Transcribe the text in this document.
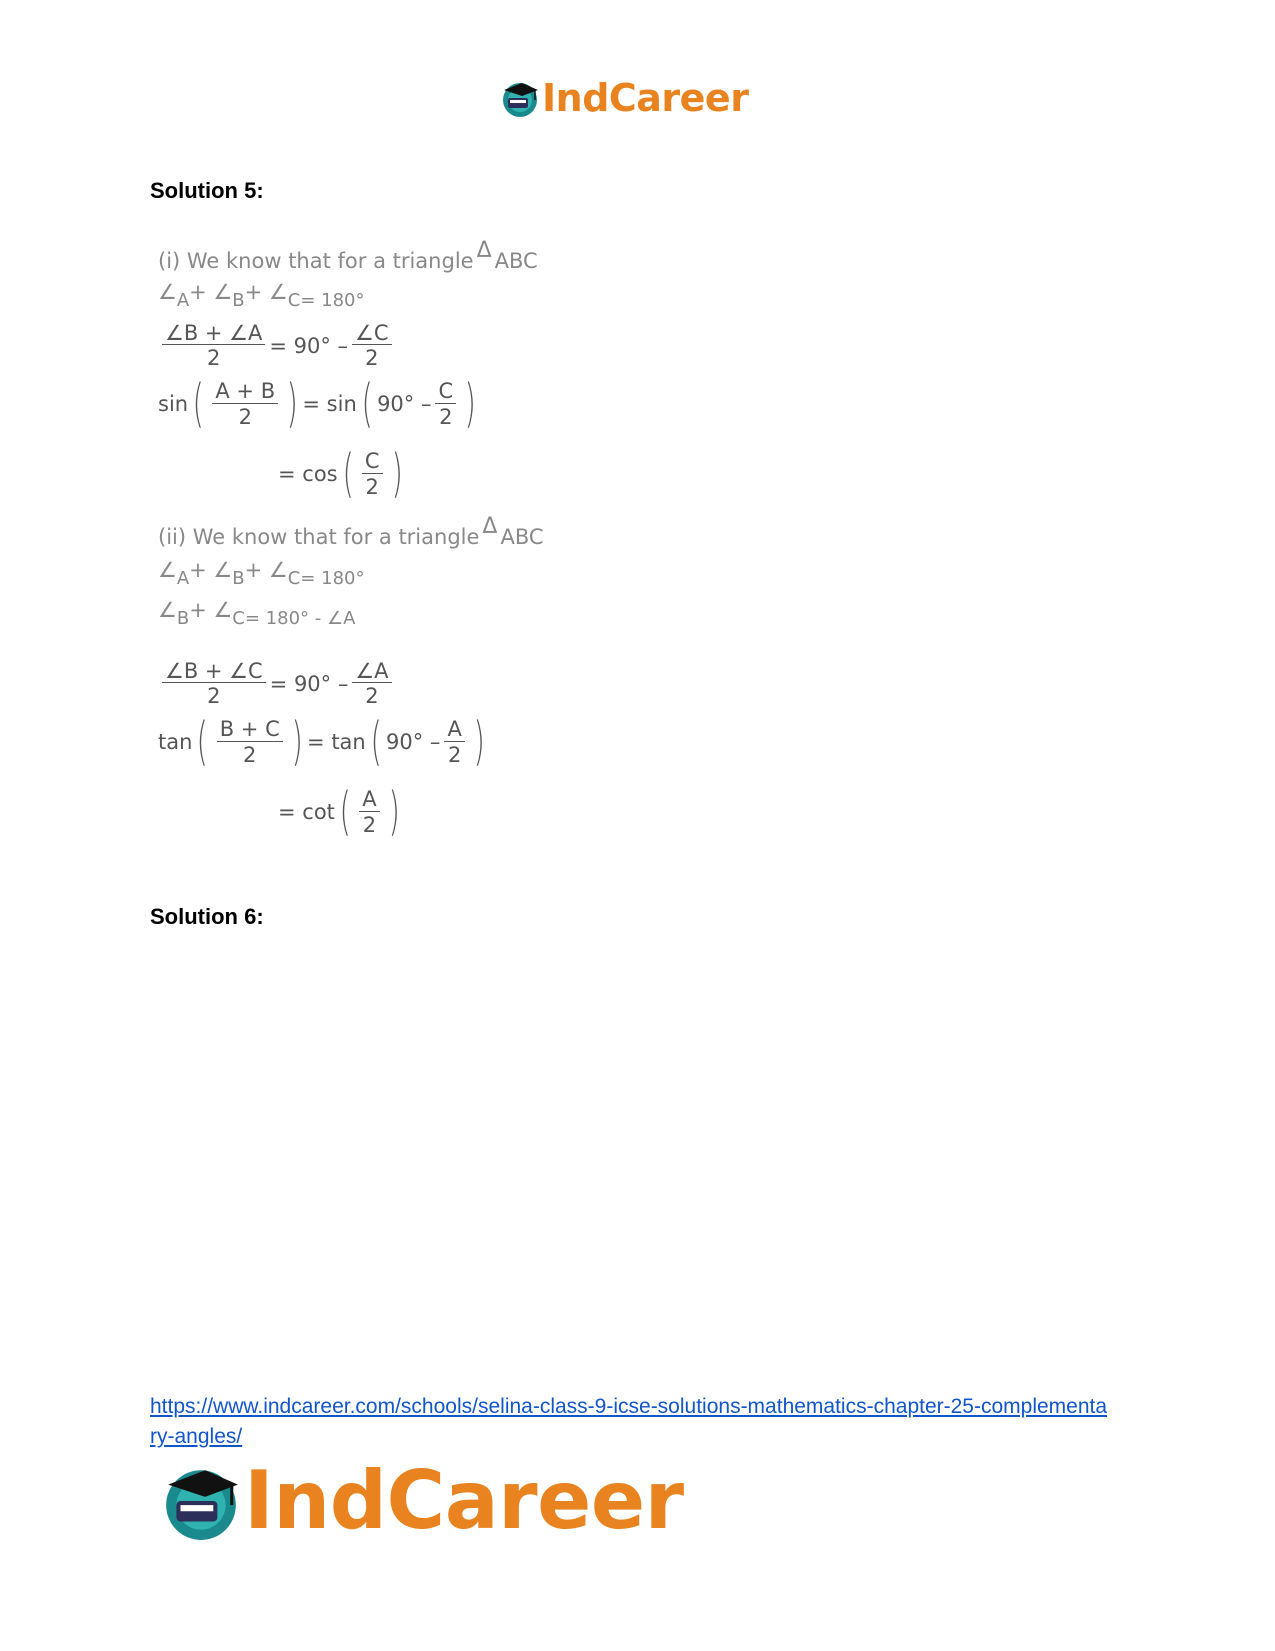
IndCareer
Solution 5:
(i) We know that for a triangle Δ ABC
∠ A + ∠ B + ∠ C = 180°
$\frac{\angle B + \angle A}{2} = 90^\circ - \frac{\angle C}{2}$
sin ( $\frac{A + B}{2}$ ) = sin ( $90^\circ - \frac{C}{2}$ )
= cos ( $\frac{C}{2}$ )
(ii) We know that for a triangle Δ ABC
∠ A + ∠ B + ∠ C = 180°
∠ B + ∠ C = 180° - ∠ A
$\frac{\angle B + \angle C}{2} = 90^\circ - \frac{\angle A}{2}$
tan ( $\frac{B + C}{2}$ ) = tan ( $90^\circ - \frac{A}{2}$ )
= cot ( $\frac{A}{2}$ )
Solution 6:
https://www.indcareer.com/schools/selina-class-9-icse-solutions-mathematics-chapter-25-complementary-angles/
IndCareer
